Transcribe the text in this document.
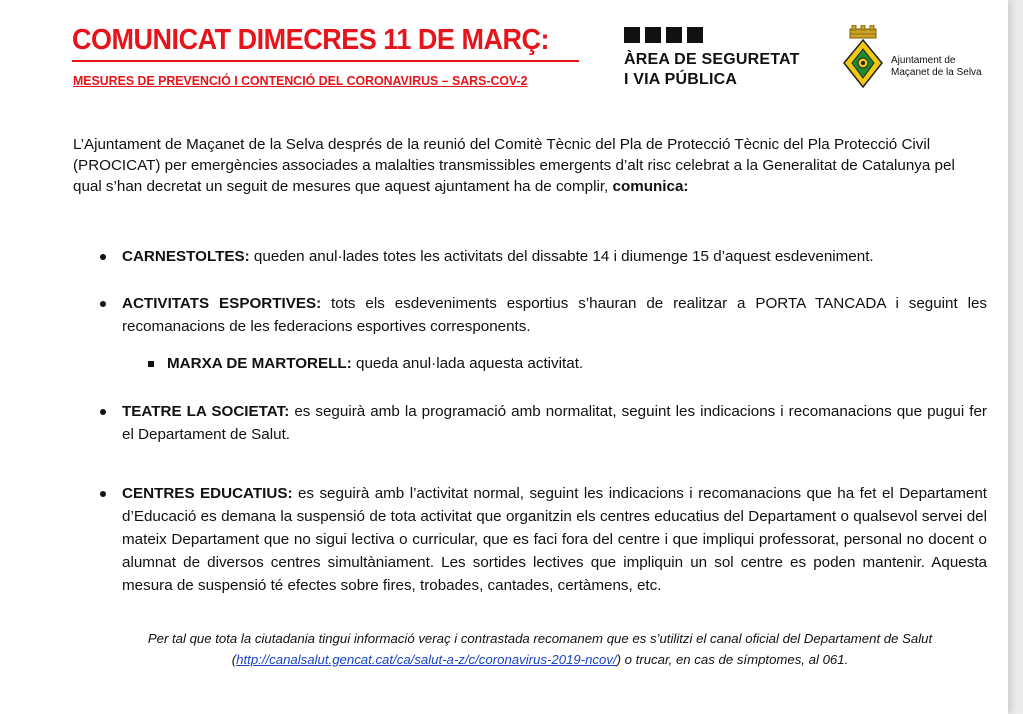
COMUNICAT DIMECRES 11 DE MARÇ:
MESURES DE PREVENCIÓ I CONTENCIÓ DEL CORONAVIRUS – SARS-COV-2
ÀREA DE SEGURETAT
I VIA PÚBLICA
Ajuntament de
Maçanet de la Selva
L’Ajuntament de Maçanet de la Selva després de la reunió del Comitè Tècnic del Pla de Protecció Tècnic del Pla Protecció Civil (PROCICAT) per emergències associades a malalties transmissibles emergents d’alt risc celebrat a la Generalitat de Catalunya pel qual s’han decretat un seguit de mesures que aquest ajuntament ha de complir, comunica:
CARNESTOLTES: queden anul·lades totes les activitats del dissabte 14 i diumenge 15 d’aquest esdeveniment.
ACTIVITATS ESPORTIVES: tots els esdeveniments esportius s’hauran de realitzar a PORTA TANCADA i seguint les recomanacions de les federacions esportives corresponents.
MARXA DE MARTORELL: queda anul·lada aquesta activitat.
TEATRE LA SOCIETAT: es seguirà amb la programació amb normalitat, seguint les indicacions i recomanacions que pugui fer el Departament de Salut.
CENTRES EDUCATIUS: es seguirà amb l’activitat normal, seguint les indicacions i recomanacions que ha fet el Departament d’Educació es demana la suspensió de tota activitat que organitzin els centres educatius del Departament o qualsevol servei del mateix Departament que no sigui lectiva o curricular, que es faci fora del centre i que impliqui professorat, personal no docent o alumnat de diversos centres simultàniament. Les sortides lectives que impliquin un sol centre es poden mantenir. Aquesta mesura de suspensió té efectes sobre fires, trobades, cantades, certàmens, etc.
Per tal que tota la ciutadania tingui informació veraç i contrastada recomanem que es s’utilitzi el canal oficial del Departament de Salut
(http://canalsalut.gencat.cat/ca/salut-a-z/c/coronavirus-2019-ncov/) o trucar, en cas de símptomes, al 061.
